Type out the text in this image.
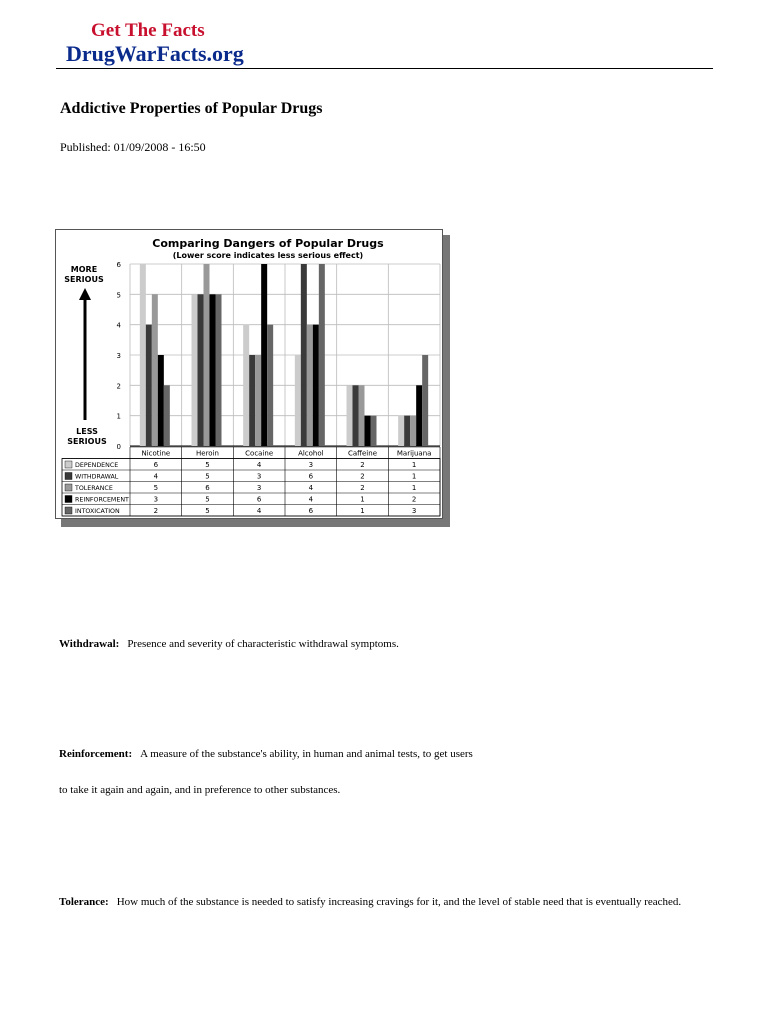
Get The Facts
DrugWarFacts.org
Addictive Properties of Popular Drugs
Published: 01/09/2008 - 16:50
Comparing Dangers of Popular Drugs
(Lower score indicates less serious effect)
MORE
SERIOUS
LESS
SERIOUS
0
1
2
3
4
5
6
Nicotine	Heroin	Cocaine	Alcohol	Caffeine	Marijuana
DEPENDENCE	6	5	4	3	2	1
WITHDRAWAL	4	5	3	6	2	1
TOLERANCE	5	6	3	4	2	1
REINFORCEMENT	3	5	6	4	1	2
INTOXICATION	2	5	4	6	1	3
Withdrawal: Presence and severity of characteristic withdrawal symptoms.
Reinforcement: A measure of the substance's ability, in human and animal tests, to get users
to take it again and again, and in preference to other substances.
Tolerance: How much of the substance is needed to satisfy increasing cravings for it, and the level of stable need that is eventually reached.
